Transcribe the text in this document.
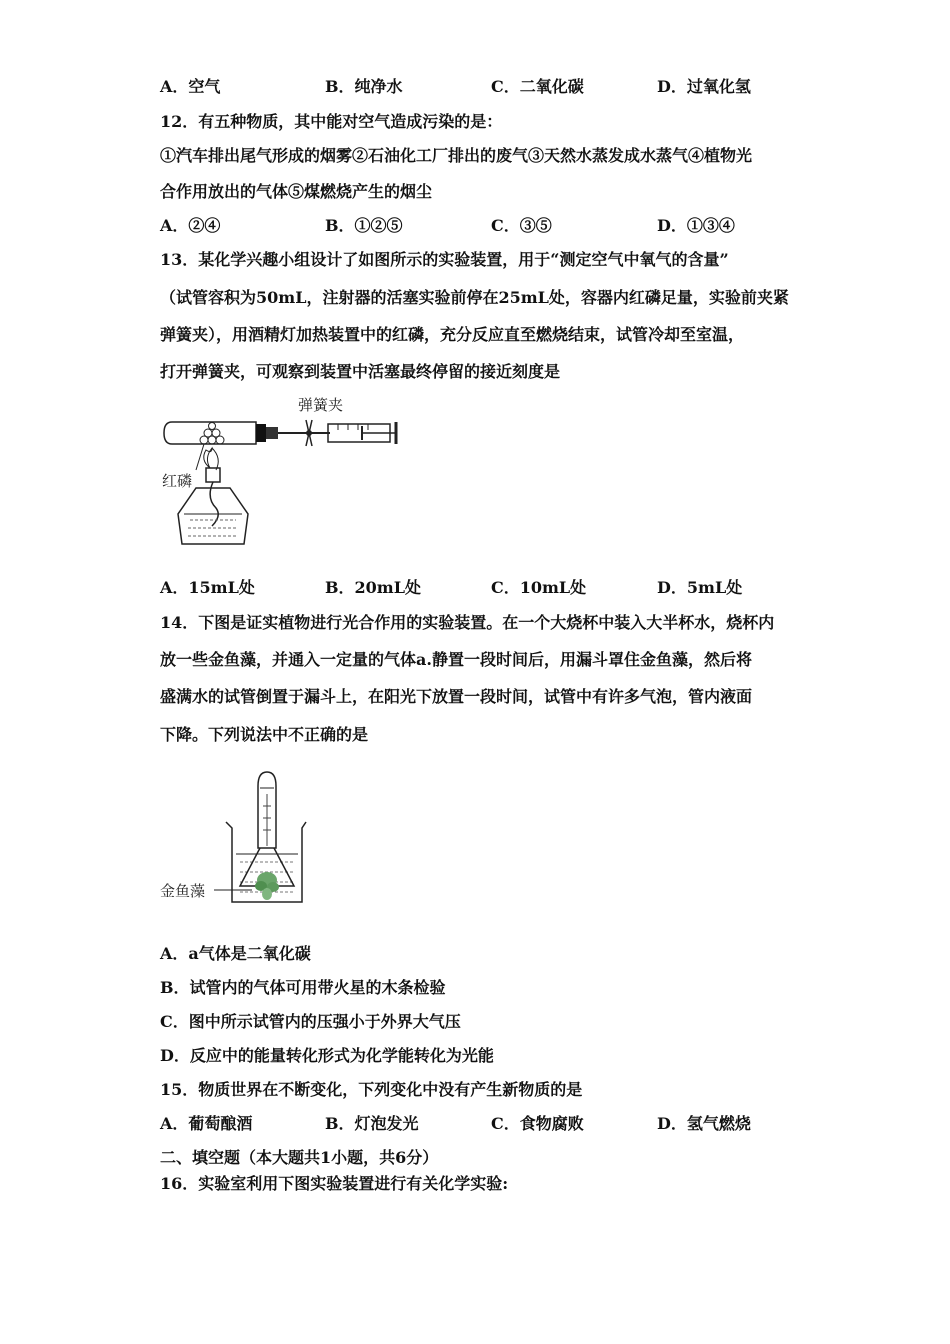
A．空气	B．纯净水	C．二氧化碳	D．过氧化氢
12．有五种物质，其中能对空气造成污染的是：
①汽车排出尾气形成的烟雾②石油化工厂排出的废气③天然水蒸发成水蒸气④植物光
合作用放出的气体⑤煤燃烧产生的烟尘
A．②④	B．①②⑤	C．③⑤	D．①③④
13．某化学兴趣小组设计了如图所示的实验装置，用于“测定空气中氧气的含量”
（试管容积为50mL，注射器的活塞实验前停在25mL处，容器内红磷足量，实验前夹紧
弹簧夹），用酒精灯加热装置中的红磷，充分反应直至燃烧结束，试管冷却至室温，
打开弹簧夹，可观察到装置中活塞最终停留的接近刻度是
弹簧夹
红磷
A．15mL处	B．20mL处	C．10mL处	D．5mL处
14．下图是证实植物进行光合作用的实验装置。在一个大烧杯中装入大半杯水，烧杯内
放一些金鱼藻，并通入一定量的气体a.静置一段时间后，用漏斗罩住金鱼藻，然后将
盛满水的试管倒置于漏斗上，在阳光下放置一段时间，试管中有许多气泡，管内液面
下降。下列说法中不正确的是
金鱼藻
A．a气体是二氧化碳
B．试管内的气体可用带火星的木条检验
C．图中所示试管内的压强小于外界大气压
D．反应中的能量转化形式为化学能转化为光能
15．物质世界在不断变化，下列变化中没有产生新物质的是
A．葡萄酿酒	B．灯泡发光	C．食物腐败	D．氢气燃烧
二、填空题（本大题共1小题，共6分）
16．实验室利用下图实验装置进行有关化学实验:
